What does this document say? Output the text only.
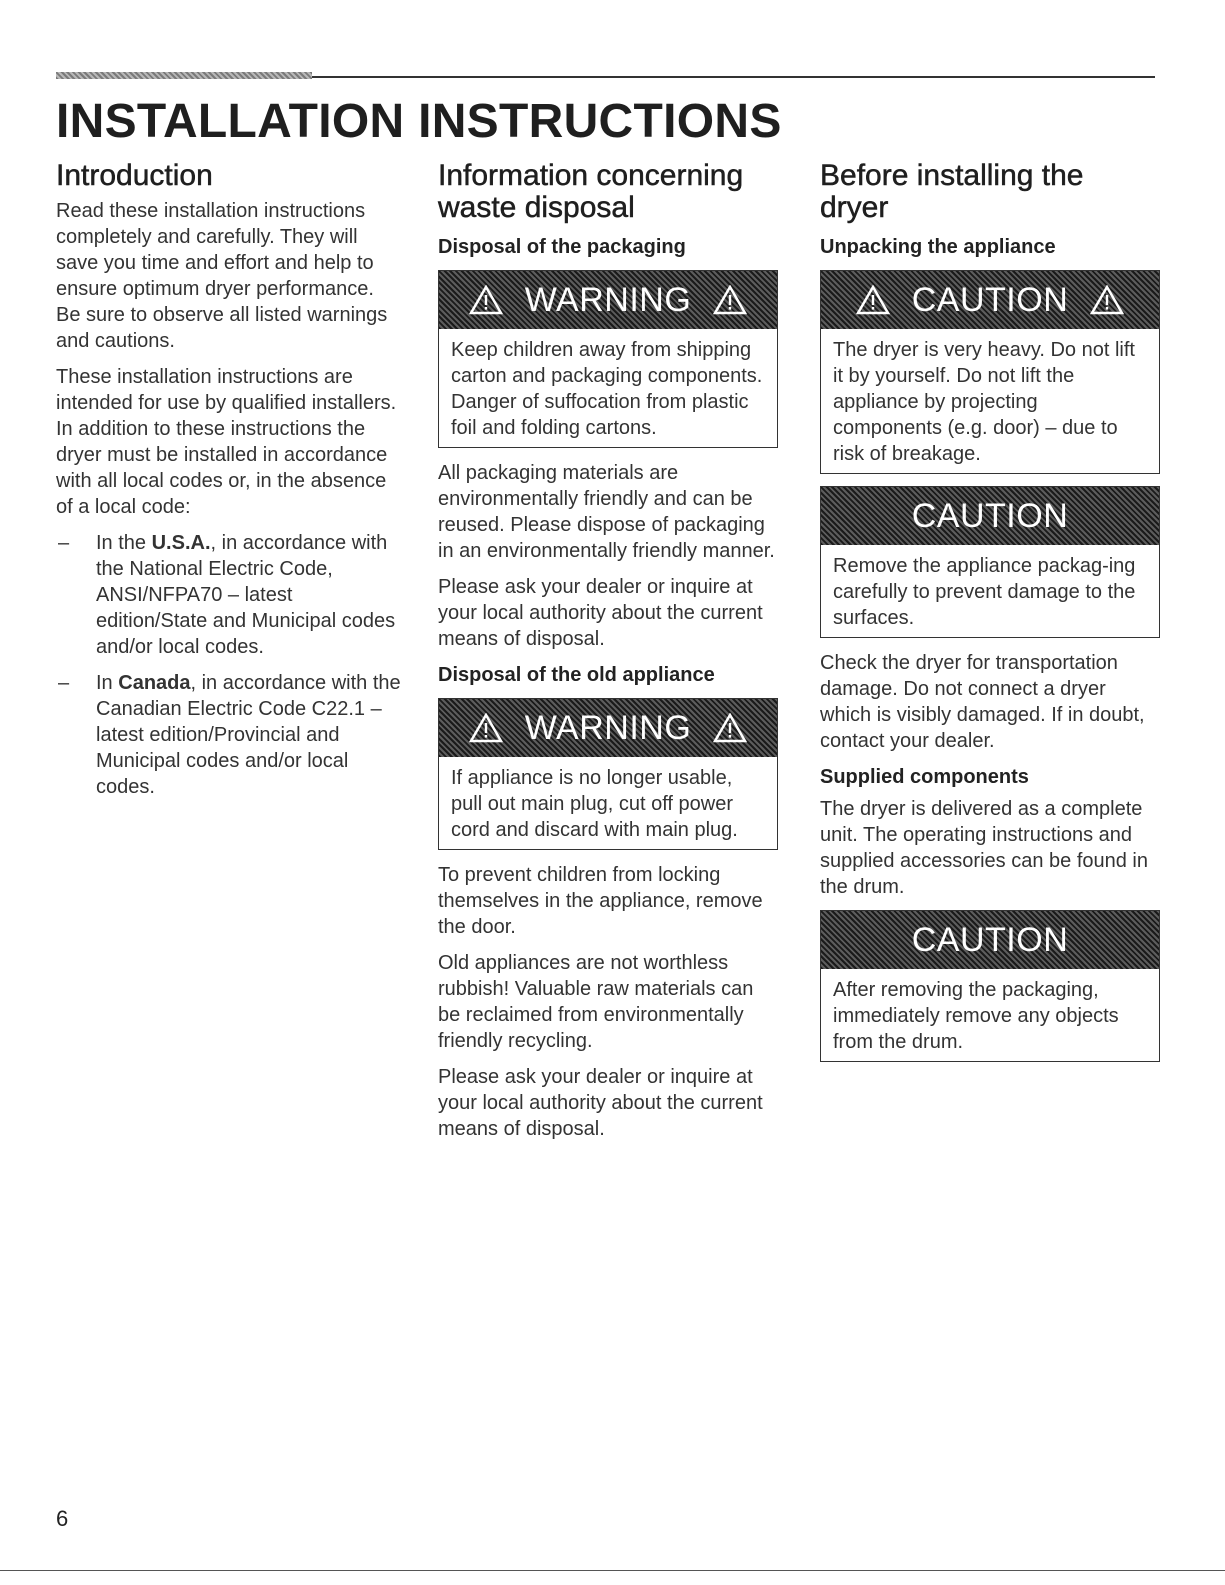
INSTALLATION INSTRUCTIONS
Introduction

Read these installation instructions completely and carefully. They will save you time and effort and help to ensure optimum dryer performance. Be sure to observe all listed warnings and cautions.

These installation instructions are intended for use by qualified installers. In addition to these instructions the dryer must be installed in accordance with all local codes or, in the absence of a local code:

– In the U.S.A., in accordance with the National Electric Code, ANSI/NFPA70 – latest edition/State and Municipal codes and/or local codes.
– In Canada, in accordance with the Canadian Electric Code C22.1 – latest edition/Provincial and Municipal codes and/or local codes.
Information concerning waste disposal
Disposal of the packaging
WARNING

Keep children away from shipping carton and packaging components. Danger of suffocation from plastic foil and folding cartons.

All packaging materials are environmentally friendly and can be reused. Please dispose of packaging in an environmentally friendly manner.

Please ask your dealer or inquire at your local authority about the current means of disposal.

Disposal of the old appliance
WARNING

If appliance is no longer usable, pull out main plug, cut off power cord and discard with main plug.

To prevent children from locking themselves in the appliance, remove the door.

Old appliances are not worthless rubbish! Valuable raw materials can be reclaimed from environmentally friendly recycling.

Please ask your dealer or inquire at your local authority about the current means of disposal.

Before installing the dryer
Unpacking the appliance
CAUTION

The dryer is very heavy. Do not lift it by yourself. Do not lift the appliance by projecting components (e.g. door) – due to risk of breakage.

CAUTION

Remove the appliance packag-ing carefully to prevent damage to the surfaces.

Check the dryer for transportation damage. Do not connect a dryer which is visibly damaged. If in doubt, contact your dealer.

Supplied components

The dryer is delivered as a complete unit. The operating instructions and supplied accessories can be found in the drum.

CAUTION

After removing the packaging, immediately remove any objects from the drum.

6
